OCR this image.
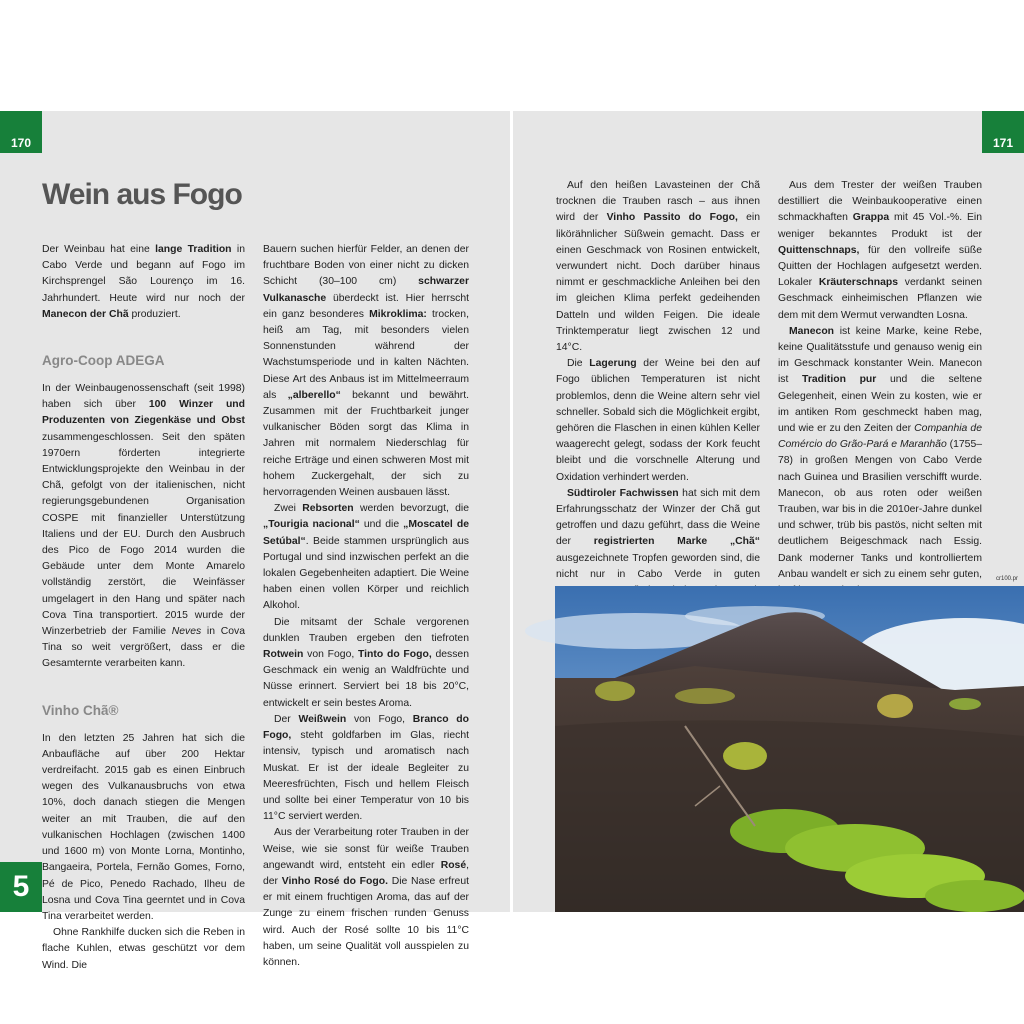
170
Wein aus Fogo

Der Weinbau hat eine lange Tradition in Cabo Verde und begann auf Fogo im Kirchsprengel São Lourenço im 16. Jahrhundert. Heute wird nur noch der Manecon der Chã produziert.

Agro-Coop ADEGA

In der Weinbaugenossenschaft (seit 1998) haben sich über 100 Winzer und Produzenten von Ziegenkäse und Obst zusammengeschlossen. Seit den späten 1970ern förderten integrierte Entwicklungsprojekte den Weinbau in der Chã, gefolgt von der italienischen, nicht regierungsgebundenen Organisation COSPE mit finanzieller Unterstützung Italiens und der EU. Durch den Ausbruch des Pico de Fogo 2014 wurden die Gebäude unter dem Monte Amarelo vollständig zerstört, die Weinfässer umgelagert in den Hang und später nach Cova Tina transportiert. 2015 wurde der Winzerbetrieb der Familie Neves in Cova Tina so weit vergrößert, dass er die Gesamternte verarbeiten kann.

Vinho Chã®

In den letzten 25 Jahren hat sich die Anbaufläche auf über 200 Hektar verdreifacht. 2015 gab es einen Einbruch wegen des Vulkanausbruchs von etwa 10%, doch danach stiegen die Mengen weiter an mit Trauben, die auf den vulkanischen Hochlagen (zwischen 1400 und 1600 m) von Monte Lorna, Montinho, Bangaeira, Portela, Fernão Gomes, Forno, Pé de Pico, Penedo Rachado, Ilheu de Losna und Cova Tina geerntet und in Cova Tina verarbeitet werden.

Ohne Rankhilfe ducken sich die Reben in flache Kuhlen, etwas geschützt vor dem Wind. Die

Bauern suchen hierfür Felder, an denen der fruchtbare Boden von einer nicht zu dicken Schicht (30–100 cm) schwarzer Vulkanasche überdeckt ist. Hier herrscht ein ganz besonderes Mikroklima: trocken, heiß am Tag, mit besonders vielen Sonnenstunden während der Wachstumsperiode und in kalten Nächten. Diese Art des Anbaus ist im Mittelmeerraum als „alberello“ bekannt und bewährt. Zusammen mit der Fruchtbarkeit junger vulkanischer Böden sorgt das Klima in Jahren mit normalem Niederschlag für reiche Erträge und einen schweren Most mit hohem Zuckergehalt, der sich zu hervorragenden Weinen ausbauen lässt.

Zwei Rebsorten werden bevorzugt, die „Tourigia nacional“ und die „Moscatel de Setúbal“. Beide stammen ursprünglich aus Portugal und sind inzwischen perfekt an die lokalen Gegebenheiten adaptiert. Die Weine haben einen vollen Körper und reichlich Alkohol.

Die mitsamt der Schale vergorenen dunklen Trauben ergeben den tiefroten Rotwein von Fogo, Tinto do Fogo, dessen Geschmack ein wenig an Waldfrüchte und Nüsse erinnert. Serviert bei 18 bis 20°C, entwickelt er sein bestes Aroma.

Der Weißwein von Fogo, Branco do Fogo, steht goldfarben im Glas, riecht intensiv, typisch und aromatisch nach Muskat. Er ist der ideale Begleiter zu Meeresfrüchten, Fisch und hellem Fleisch und sollte bei einer Temperatur von 10 bis 11°C serviert werden.

Aus der Verarbeitung roter Trauben in der Weise, wie sie sonst für weiße Trauben angewandt wird, entsteht ein edler Rosé, der Vinho Rosé do Fogo. Die Nase erfreut er mit einem fruchtigen Aroma, das auf der Zunge zu einem frischen runden Genuss wird. Auch der Rosé sollte 10 bis 11°C haben, um seine Qualität voll ausspielen zu können.

5
171

Auf den heißen Lavasteinen der Chã trocknen die Trauben rasch – aus ihnen wird der Vinho Passito do Fogo, ein likörähnlicher Süßwein gemacht. Dass er einen Geschmack von Rosinen entwickelt, verwundert nicht. Doch darüber hinaus nimmt er geschmackliche Anleihen bei den im gleichen Klima perfekt gedeihenden Datteln und wilden Feigen. Die ideale Trinktemperatur liegt zwischen 12 und 14°C.

Die Lagerung der Weine bei den auf Fogo üblichen Temperaturen ist nicht problemlos, denn die Weine altern sehr viel schneller. Sobald sich die Möglichkeit ergibt, gehören die Flaschen in einen kühlen Keller waagerecht gelegt, sodass der Kork feucht bleibt und die vorschnelle Alterung und Oxidation verhindert werden.

Südtiroler Fachwissen hat sich mit dem Erfahrungsschatz der Winzer der Chã gut getroffen und dazu geführt, dass die Weine der registrierten Marke „Chã“ ausgezeichnete Tropfen geworden sind, die nicht nur in Cabo Verde in guten

Aus dem Trester der weißen Trauben destilliert die Weinbaukooperative einen schmackhaften Grappa mit 45 Vol.-%. Ein weniger bekanntes Produkt ist der Quittenschnaps, für den vollreife süße Quitten der Hochlagen aufgesetzt werden. Lokaler Kräuterschnaps verdankt seinen Geschmack einheimischen Pflanzen wie dem mit dem Wermut verwandten Losna.

Manecon ist keine Marke, keine Rebe, keine Qualitätsstufe und genauso wenig ein im Geschmack konstanter Wein. Manecon ist Tradition pur und die seltene Gelegenheit, einen Wein zu kosten, wie er im antiken Rom geschmeckt haben mag, und wie er zu den Zeiten der Companhia de Comércio do Grão-Pará e Maranhão (1755–78) in großen Mengen von Cabo Verde nach Guinea und Brasilien verschifft wurde. Manecon, ob aus roten oder weißen Trauben, war bis in die 2010er-Jahre dunkel und schwer, trüb bis pastös, nicht selten mit deutlichem Beigeschmack nach Essig. Dank moderner Tanks und kontrolliertem Anbau wandelt er sich zu einem sehr guten, cr100.pr
